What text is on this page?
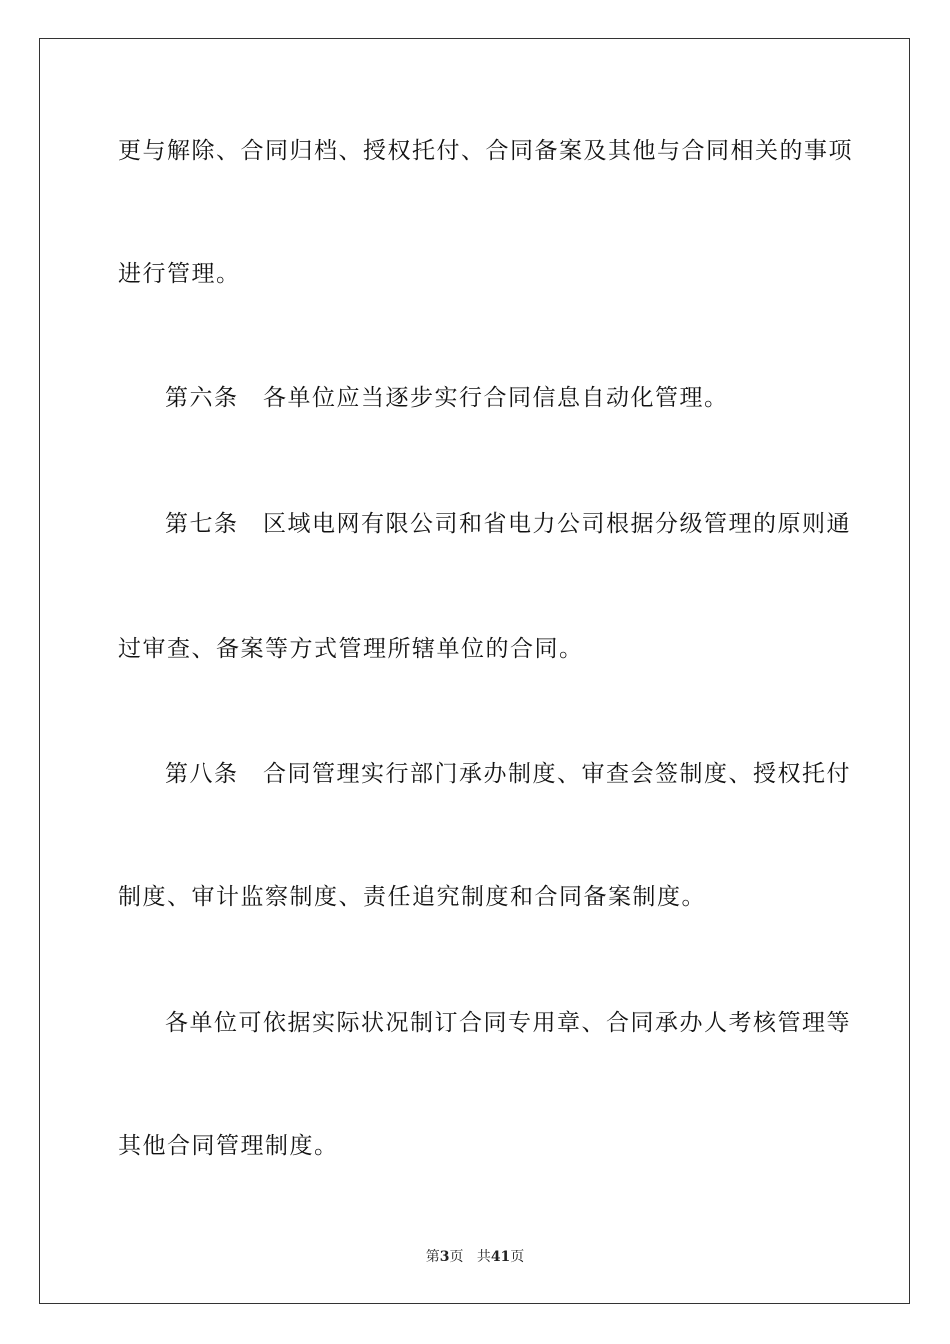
更与解除、合同归档、授权托付、合同备案及其他与合同相关的事项
进行管理。
第六条　各单位应当逐步实行合同信息自动化管理。
第七条　区域电网有限公司和省电力公司根据分级管理的原则通
过审查、备案等方式管理所辖单位的合同。
第八条　合同管理实行部门承办制度、审查会签制度、授权托付
制度、审计监察制度、责任追究制度和合同备案制度。
各单位可依据实际状况制订合同专用章、合同承办人考核管理等
其他合同管理制度。
第3页 共41页
